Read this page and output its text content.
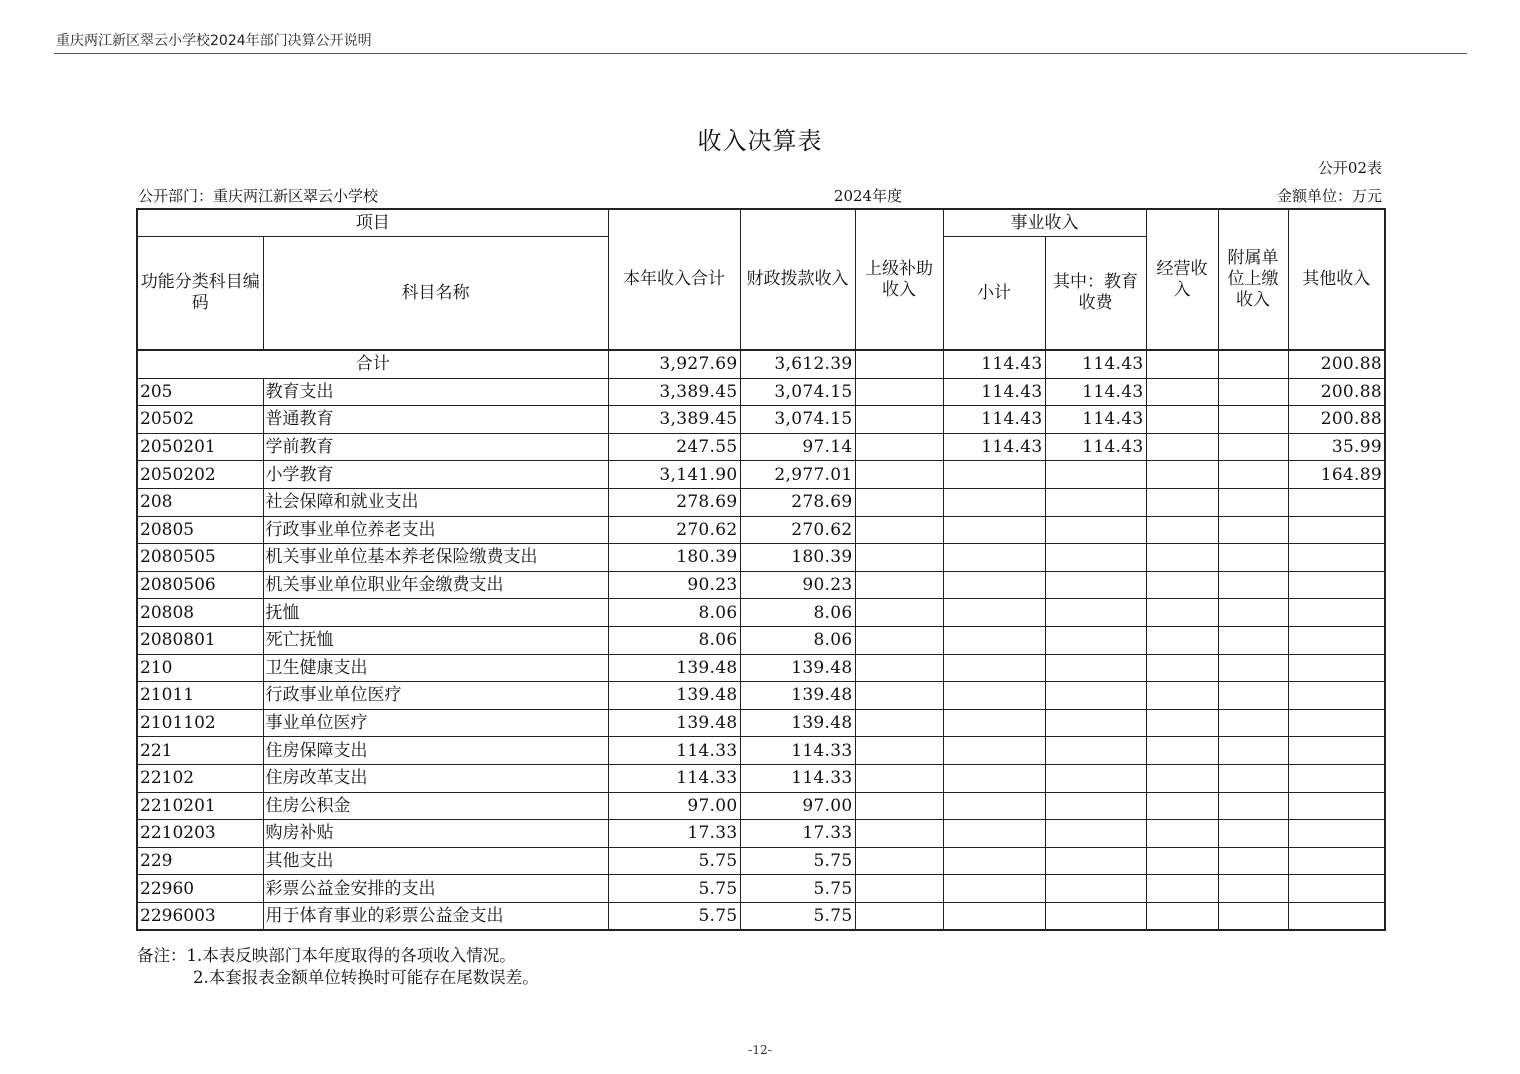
重庆两江新区翠云小学校2024年部门决算公开说明
收入决算表
公开02表
公开部门：重庆两江新区翠云小学校	2024年度	金额单位：万元
项目		本年收入合计	财政拨款收入	上级补助收入	事业收入		经营收入	附属单位上缴收入	其他收入
功能分类科目编码	科目名称				小计	其中：教育收费			
合计		3,927.69	3,612.39		114.43	114.43			200.88
205	教育支出	3,389.45	3,074.15		114.43	114.43			200.88
20502	普通教育	3,389.45	3,074.15		114.43	114.43			200.88
2050201	学前教育	247.55	97.14		114.43	114.43			35.99
2050202	小学教育	3,141.90	2,977.01						164.89
208	社会保障和就业支出	278.69	278.69						
20805	行政事业单位养老支出	270.62	270.62						
2080505	机关事业单位基本养老保险缴费支出	180.39	180.39						
2080506	机关事业单位职业年金缴费支出	90.23	90.23						
20808	抚恤	8.06	8.06						
2080801	死亡抚恤	8.06	8.06						
210	卫生健康支出	139.48	139.48						
21011	行政事业单位医疗	139.48	139.48						
2101102	事业单位医疗	139.48	139.48						
221	住房保障支出	114.33	114.33						
22102	住房改革支出	114.33	114.33						
2210201	住房公积金	97.00	97.00						
2210203	购房补贴	17.33	17.33						
229	其他支出	5.75	5.75						
22960	彩票公益金安排的支出	5.75	5.75						
2296003	用于体育事业的彩票公益金支出	5.75	5.75						
备注：1.本表反映部门本年度取得的各项收入情况。
2.本套报表金额单位转换时可能存在尾数误差。
-12-
